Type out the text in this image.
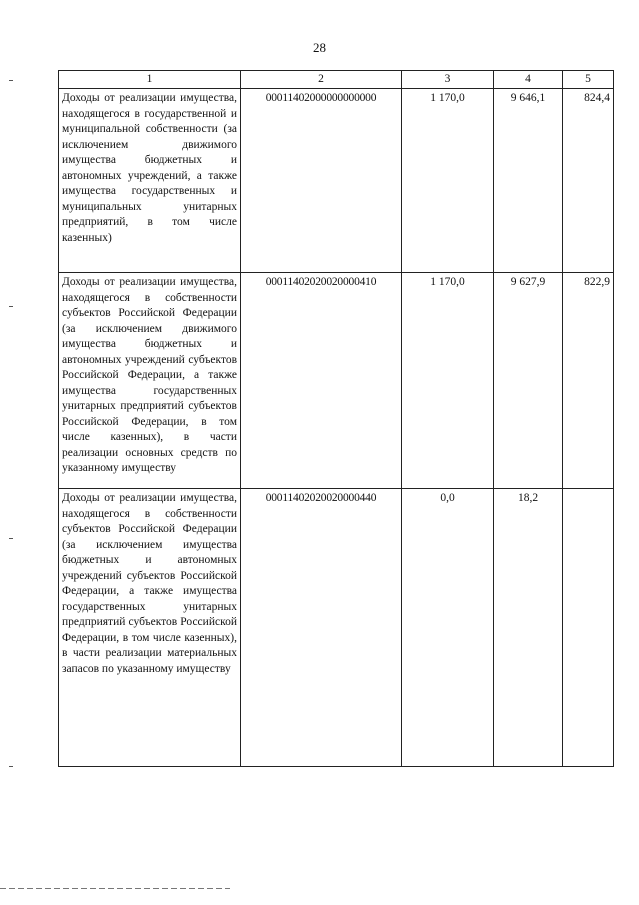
28
1	2	3	4	5
Доходы от реализации имущества, находящегося в государственной и муниципальной собственности (за исключением движимого имущества бюджетных и автономных учреждений, а также имущества государственных и муниципальных унитарных предприятий, в том числе казенных)	00011402000000000000	1 170,0	9 646,1	824,4
Доходы от реализации имущества, находящегося в собственности субъектов Российской Федерации (за исключением движимого имущества бюджетных и автономных учреждений субъектов Российской Федерации, а также имущества государственных унитарных предприятий субъектов Российской Федерации, в том числе казенных), в части реализации основных средств по указанному имуществу	00011402020020000410	1 170,0	9 627,9	822,9
Доходы от реализации имущества, находящегося в собственности субъектов Российской Федерации (за исключением имущества бюджетных и автономных учреждений субъектов Российской Федерации, а также имущества государственных унитарных предприятий субъектов Российской Федерации, в том числе казенных), в части реализации материальных запасов по указанному имуществу	00011402020020000440	0,0	18,2	
